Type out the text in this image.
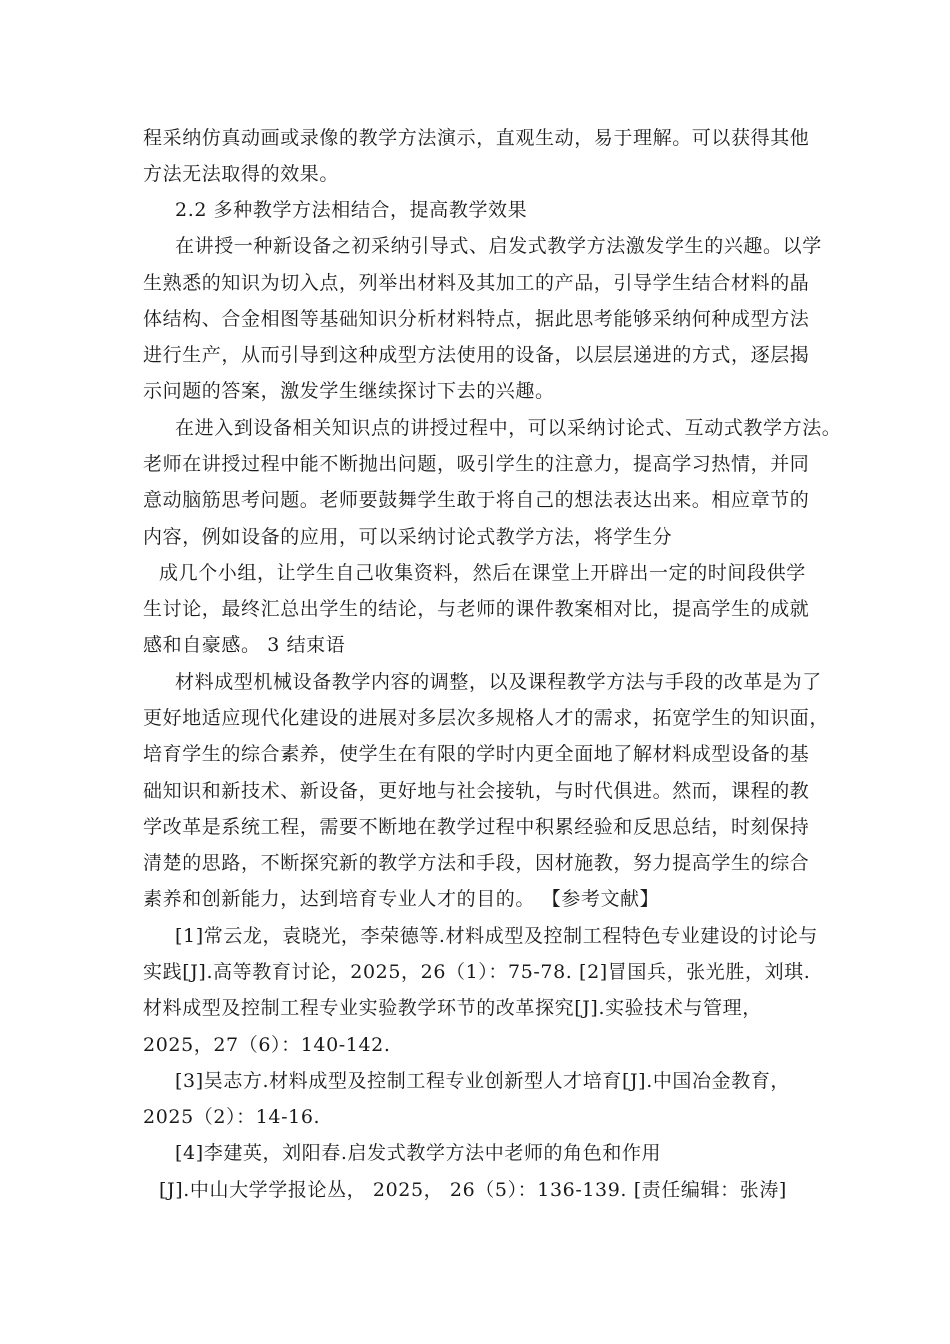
程采纳仿真动画或录像的教学方法演示，直观生动，易于理解。可以获得其他
方法无法取得的效果。
2.2 多种教学方法相结合，提高教学效果
在讲授一种新设备之初采纳引导式、启发式教学方法激发学生的兴趣。以学
生熟悉的知识为切入点，列举出材料及其加工的产品，引导学生结合材料的晶
体结构、合金相图等基础知识分析材料特点，据此思考能够采纳何种成型方法
进行生产，从而引导到这种成型方法使用的设备，以层层递进的方式，逐层揭
示问题的答案，激发学生继续探讨下去的兴趣。
在进入到设备相关知识点的讲授过程中，可以采纳讨论式、互动式教学方法。
老师在讲授过程中能不断抛出问题，吸引学生的注意力，提高学习热情，并同
意动脑筋思考问题。老师要鼓舞学生敢于将自己的想法表达出来。相应章节的
内容，例如设备的应用，可以采纳讨论式教学方法，将学生分
成几个小组，让学生自己收集资料，然后在课堂上开辟出一定的时间段供学
生讨论，最终汇总出学生的结论，与老师的课件教案相对比，提高学生的成就
感和自豪感。 3 结束语
材料成型机械设备教学内容的调整，以及课程教学方法与手段的改革是为了
更好地适应现代化建设的进展对多层次多规格人才的需求，拓宽学生的知识面，
培育学生的综合素养，使学生在有限的学时内更全面地了解材料成型设备的基
础知识和新技术、新设备，更好地与社会接轨，与时代俱进。然而，课程的教
学改革是系统工程，需要不断地在教学过程中积累经验和反思总结，时刻保持
清楚的思路，不断探究新的教学方法和手段，因材施教，努力提高学生的综合
素养和创新能力，达到培育专业人才的目的。 【参考文献】
[1]常云龙，袁晓光，李荣德等.材料成型及控制工程特色专业建设的讨论与
实践[J].高等教育讨论，2025，26（1）：75-78. [2]冒国兵，张光胜，刘琪.
材料成型及控制工程专业实验教学环节的改革探究[J].实验技术与管理，
2025，27（6）：140-142.
[3]吴志方.材料成型及控制工程专业创新型人才培育[J].中国冶金教育，
2025（2）：14-16.
[4]李建英，刘阳春.启发式教学方法中老师的角色和作用
[J].中山大学学报论丛， 2025， 26（5）：136-139. [责任编辑：张涛]
